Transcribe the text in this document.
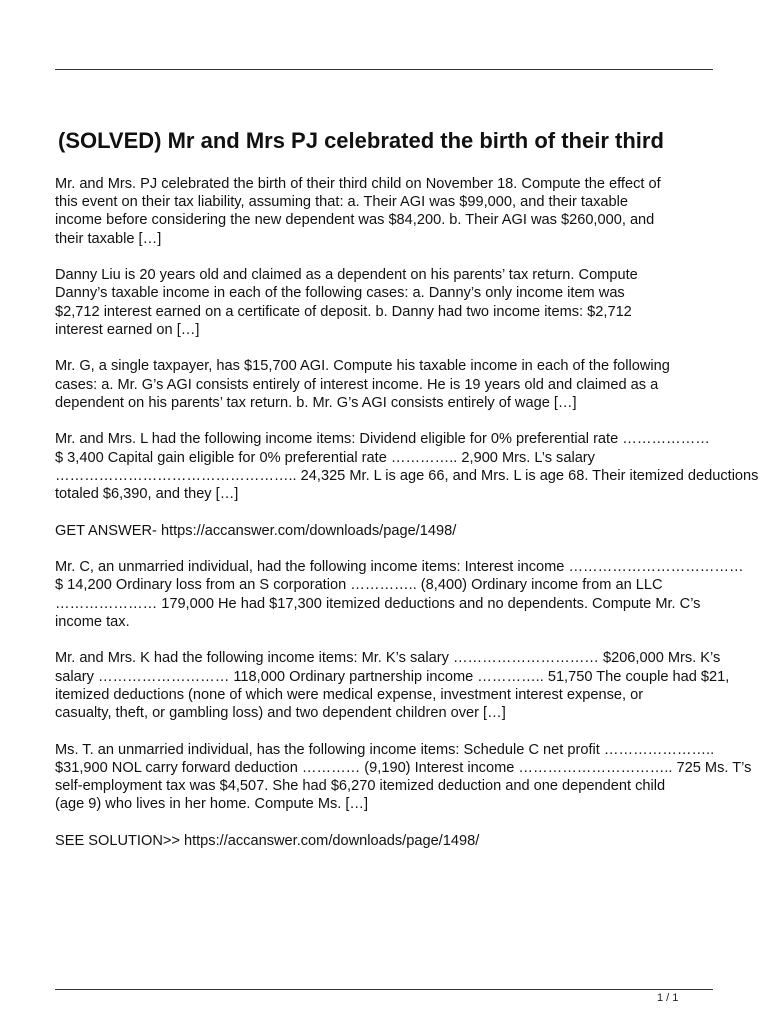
(SOLVED) Mr and Mrs PJ celebrated the birth of their third

Mr. and Mrs. PJ celebrated the birth of their third child on November 18. Compute the effect of
this event on their tax liability, assuming that: a. Their AGI was $99,000, and their taxable
income before considering the new dependent was $84,200. b. Their AGI was $260,000, and
their taxable […]

Danny Liu is 20 years old and claimed as a dependent on his parents’ tax return. Compute
Danny’s taxable income in each of the following cases: a. Danny’s only income item was
$2,712 interest earned on a certificate of deposit. b. Danny had two income items: $2,712
interest earned on […]

Mr. G, a single taxpayer, has $15,700 AGI. Compute his taxable income in each of the following
cases: a. Mr. G’s AGI consists entirely of interest income. He is 19 years old and claimed as a
dependent on his parents’ tax return. b. Mr. G’s AGI consists entirely of wage […]

Mr. and Mrs. L had the following income items: Dividend eligible for 0% preferential rate ………………
$ 3,400 Capital gain eligible for 0% preferential rate ………….. 2,900 Mrs. L’s salary
………………………………………….. 24,325 Mr. L is age 66, and Mrs. L is age 68. Their itemized deductions
totaled $6,390, and they […]

GET ANSWER- https://accanswer.com/downloads/page/1498/

Mr. C, an unmarried individual, had the following income items: Interest income ………………………………
$ 14,200 Ordinary loss from an S corporation ………….. (8,400) Ordinary income from an LLC
………………… 179,000 He had $17,300 itemized deductions and no dependents. Compute Mr. C’s
income tax.

Mr. and Mrs. K had the following income items: Mr. K’s salary ………………………… $206,000 Mrs. K’s
salary ……………………… 118,000 Ordinary partnership income ………….. 51,750 The couple had $21,
itemized deductions (none of which were medical expense, investment interest expense, or
casualty, theft, or gambling loss) and two dependent children over […]

Ms. T. an unmarried individual, has the following income items: Schedule C net profit …………………..
$31,900 NOL carry forward deduction ………… (9,190) Interest income ………………………….. 725 Ms. T’s
self-employment tax was $4,507. She had $6,270 itemized deduction and one dependent child
(age 9) who lives in her home. Compute Ms. […]

SEE SOLUTION>> https://accanswer.com/downloads/page/1498/

1 / 1
